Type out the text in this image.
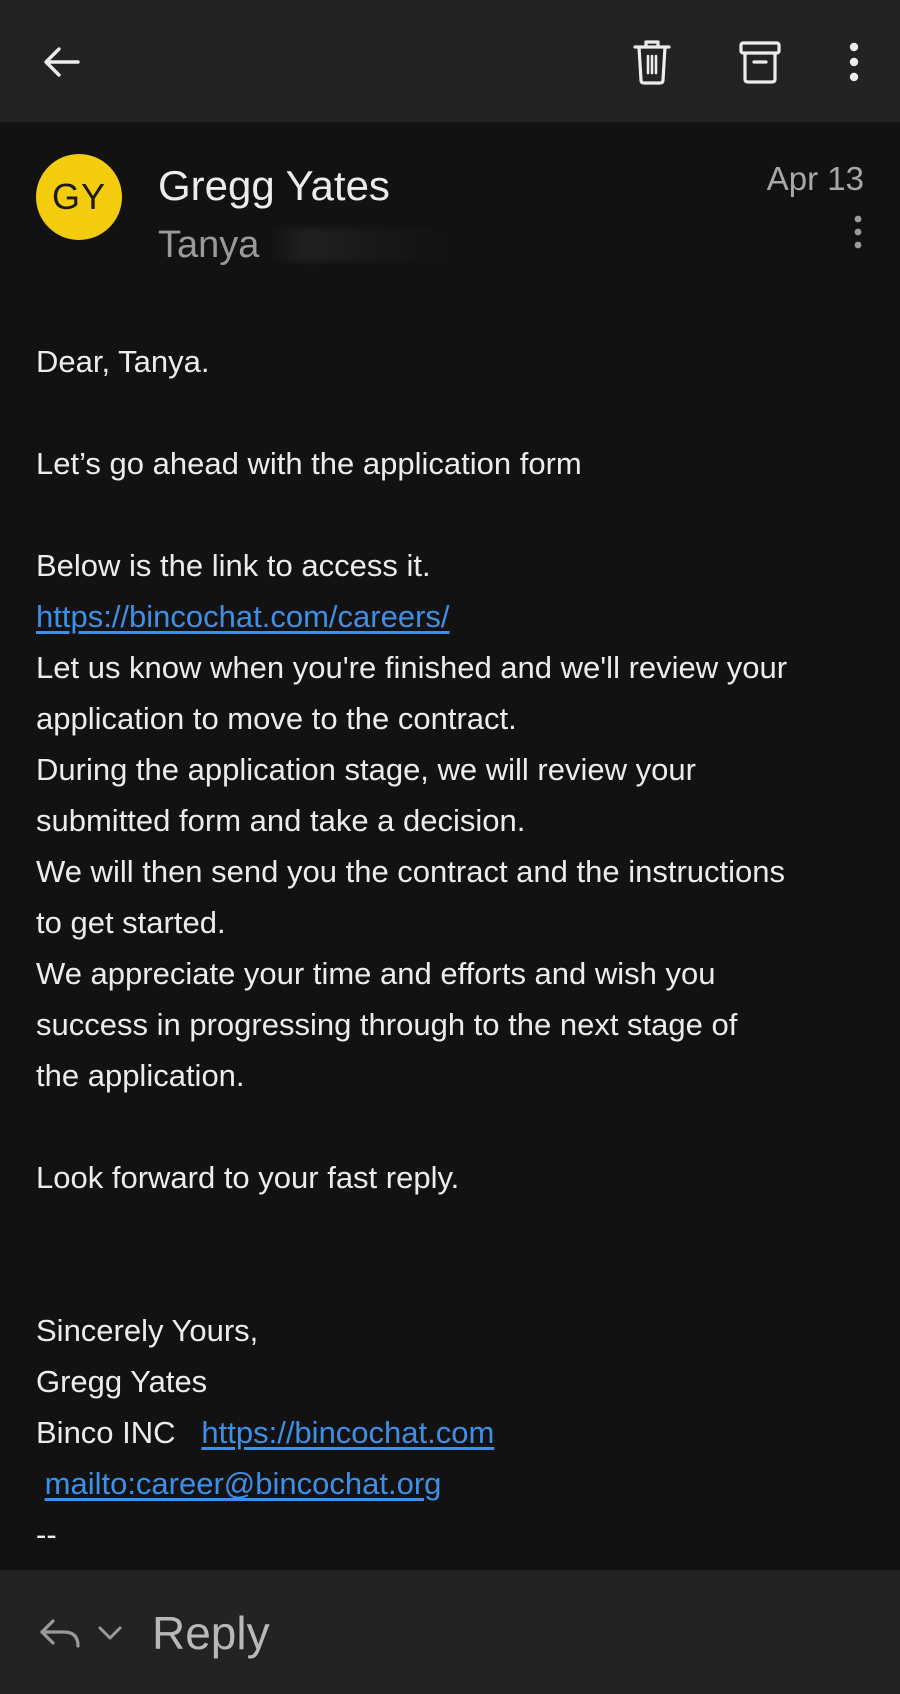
GY	Gregg Yates
Tanya
Apr 13
Dear, Tanya.
Let’s go ahead with the application form
Below is the link to access it.
https://bincochat.com/careers/
Let us know when you're finished and we'll review your
application to move to the contract.
During the application stage, we will review your
submitted form and take a decision.
We will then send you the contract and the instructions
to get started.
We appreciate your time and efforts and wish you
success in progressing through to the next stage of
the application.
Look forward to your fast reply.
Sincerely Yours,
Gregg Yates
Binco INC https://bincochat.com
mailto:career@bincochat.org
--
Reply
